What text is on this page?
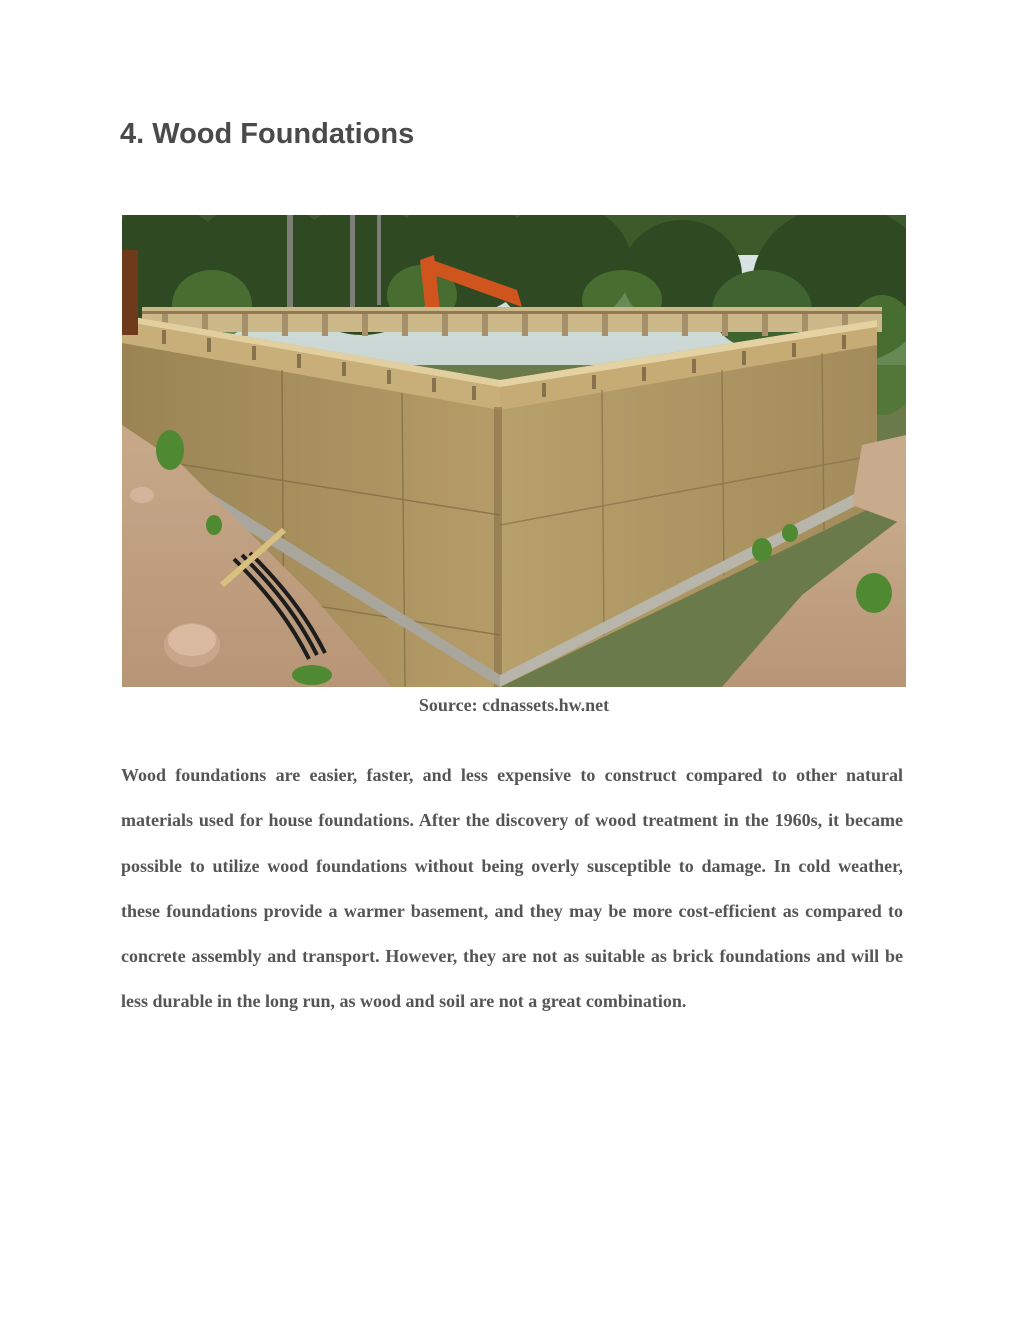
4. Wood Foundations
Source: cdnassets.hw.net

Wood foundations are easier, faster, and less expensive to construct compared to other natural materials used for house foundations. After the discovery of wood treatment in the 1960s, it became possible to utilize wood foundations without being overly susceptible to damage. In cold weather, these foundations provide a warmer basement, and they may be more cost-efficient as compared to concrete assembly and transport. However, they are not as suitable as brick foundations and will be less durable in the long run, as wood and soil are not a great combination.
